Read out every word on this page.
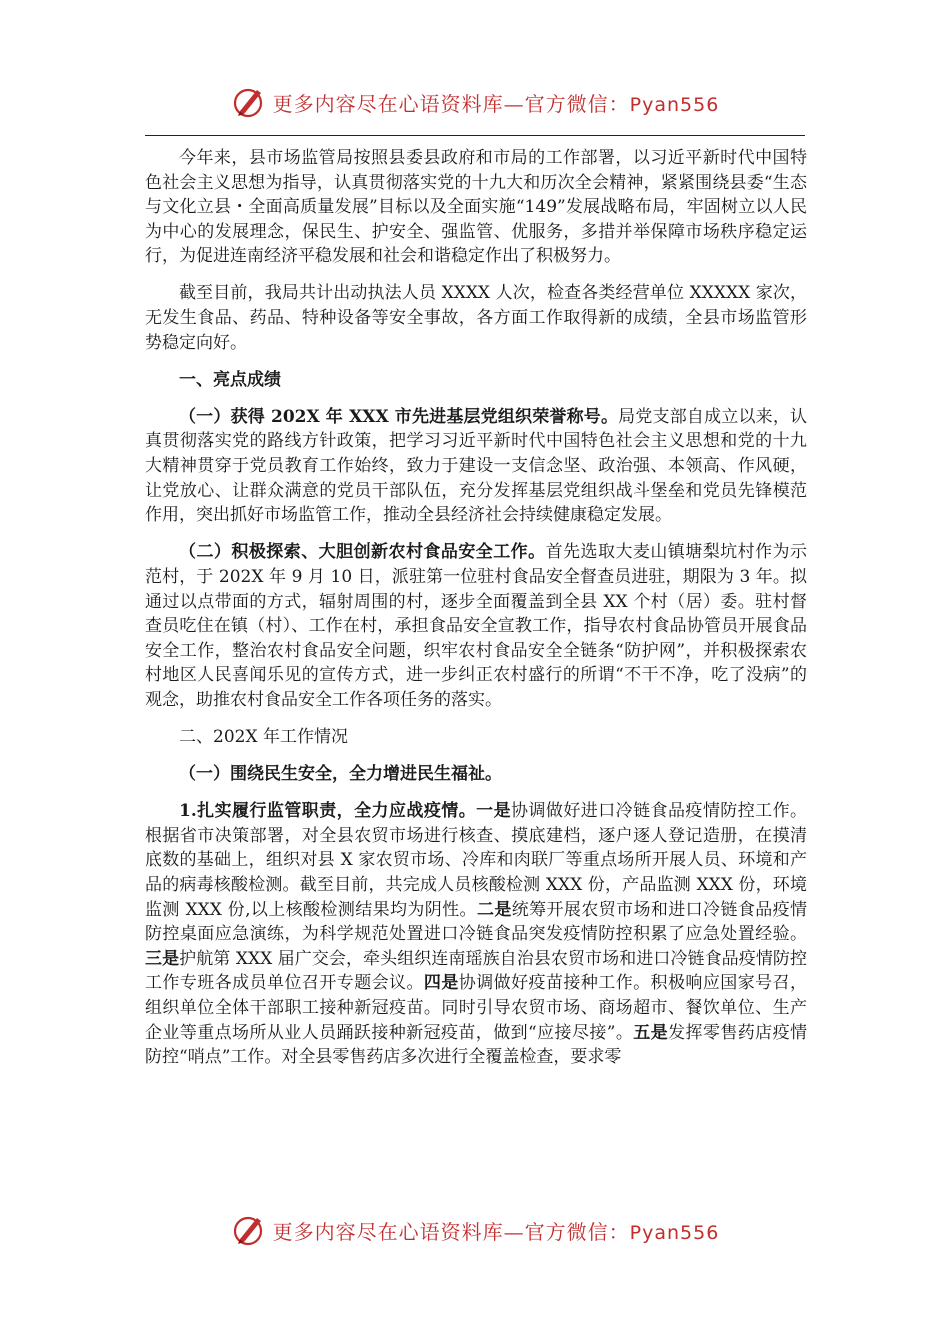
更多内容尽在心语资料库—官方微信：Pyan556

今年来，县市场监管局按照县委县政府和市局的工作部署，以习近平新时代中国特色社会主义思想为指导，认真贯彻落实党的十九大和历次全会精神，紧紧围绕县委“生态与文化立县・全面高质量发展”目标以及全面实施“149”发展战略布局，牢固树立以人民为中心的发展理念，保民生、护安全、强监管、优服务，多措并举保障市场秩序稳定运行，为促进连南经济平稳发展和社会和谐稳定作出了积极努力。

截至目前，我局共计出动执法人员 XXXX 人次，检查各类经营单位 XXXXX 家次，无发生食品、药品、特种设备等安全事故，各方面工作取得新的成绩，全县市场监管形势稳定向好。

一、亮点成绩

（一）获得 202X 年 XXX 市先进基层党组织荣誉称号。局党支部自成立以来，认真贯彻落实党的路线方针政策，把学习习近平新时代中国特色社会主义思想和党的十九大精神贯穿于党员教育工作始终，致力于建设一支信念坚、政治强、本领高、作风硬，让党放心、让群众满意的党员干部队伍，充分发挥基层党组织战斗堡垒和党员先锋模范作用，突出抓好市场监管工作，推动全县经济社会持续健康稳定发展。

（二）积极探索、大胆创新农村食品安全工作。首先选取大麦山镇塘梨坑村作为示范村，于 202X 年 9 月 10 日，派驻第一位驻村食品安全督查员进驻，期限为 3 年。拟通过以点带面的方式，辐射周围的村，逐步全面覆盖到全县 XX 个村（居）委。驻村督查员吃住在镇（村）、工作在村，承担食品安全宣教工作，指导农村食品协管员开展食品安全工作，整治农村食品安全问题，织牢农村食品安全全链条“防护网”，并积极探索农村地区人民喜闻乐见的宣传方式，进一步纠正农村盛行的所谓“不干不净，吃了没病”的观念，助推农村食品安全工作各项任务的落实。

二、202X 年工作情况
（一）围绕民生安全，全力增进民生福祉。

1.扎实履行监管职责，全力应战疫情。一是协调做好进口冷链食品疫情防控工作。根据省市决策部署，对全县农贸市场进行核查、摸底建档，逐户逐人登记造册，在摸清底数的基础上，组织对县 X 家农贸市场、冷库和肉联厂等重点场所开展人员、环境和产品的病毒核酸检测。截至目前，共完成人员核酸检测 XXX 份，产品监测 XXX 份，环境监测 XXX 份,以上核酸检测结果均为阴性。二是统筹开展农贸市场和进口冷链食品疫情防控桌面应急演练，为科学规范处置进口冷链食品突发疫情防控积累了应急处置经验。三是护航第 XXX 届广交会，牵头组织连南瑶族自治县农贸市场和进口冷链食品疫情防控工作专班各成员单位召开专题会议。四是协调做好疫苗接种工作。积极响应国家号召，组织单位全体干部职工接种新冠疫苗。同时引导农贸市场、商场超市、餐饮单位、生产企业等重点场所从业人员踊跃接种新冠疫苗，做到“应接尽接”。五是发挥零售药店疫情防控“哨点”工作。对全县零售药店多次进行全覆盖检查，要求零

更多内容尽在心语资料库—官方微信：Pyan556
